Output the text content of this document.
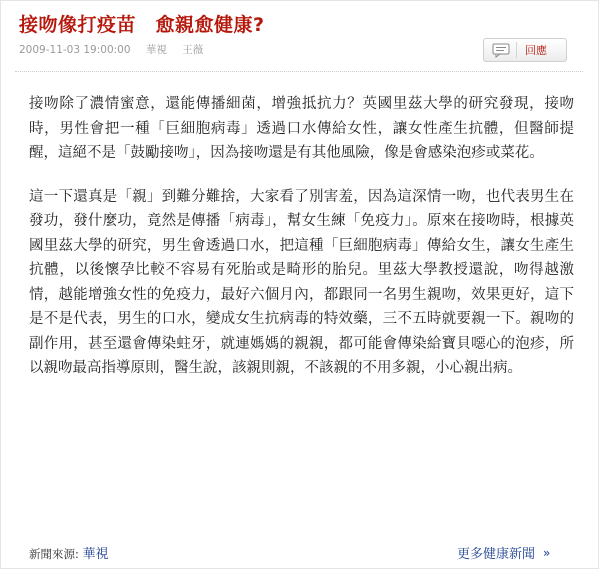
接吻像打疫苗　愈親愈健康?
2009-11-03 19:00:00 華視 王薇	回應

接吻除了濃情蜜意，還能傳播細菌，增強抵抗力？英國里茲大學的研究發現，接吻時，男性會把一種「巨細胞病毒」透過口水傳給女性，讓女性產生抗體，但醫師提醒，這絕不是「鼓勵接吻」，因為接吻還是有其他風險，像是會感染泡疹或菜花。

這一下還真是「親」到難分難捨，大家看了別害羞，因為這深情一吻，也代表男生在發功，發什麼功，竟然是傳播「病毒」，幫女生練「免疫力」。原來在接吻時，根據英國里茲大學的研究，男生會透過口水，把這種「巨細胞病毒」傳給女生，讓女生產生抗體，以後懷孕比較不容易有死胎或是畸形的胎兒。里茲大學教授還說，吻得越激情，越能增強女性的免疫力，最好六個月內，都跟同一名男生親吻，效果更好，這下是不是代表，男生的口水，變成女生抗病毒的特效藥，三不五時就要親一下。親吻的副作用，甚至還會傳染蛀牙，就連媽媽的親親，都可能會傳染給寶貝噁心的泡疹，所以親吻最高指導原則，醫生說，該親則親，不該親的不用多親，小心親出病。

新聞來源: 華視	更多健康新聞 »
